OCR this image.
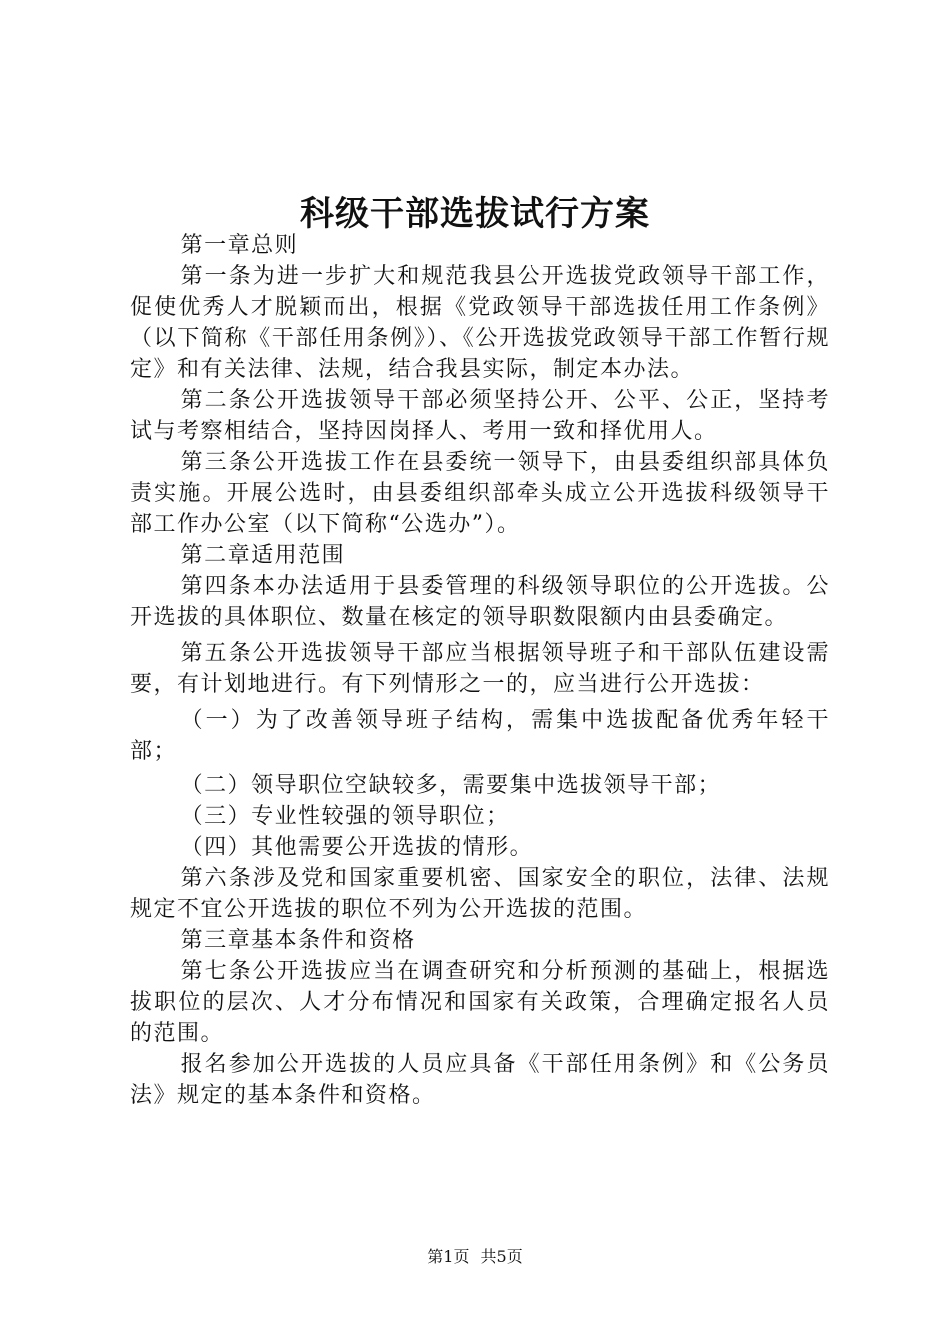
科级干部选拔试行方案

第一章总则

第一条为进一步扩大和规范我县公开选拔党政领导干部工作，促使优秀人才脱颖而出，根据《党政领导干部选拔任用工作条例》（以下简称《干部任用条例》）、《公开选拔党政领导干部工作暂行规定》和有关法律、法规，结合我县实际，制定本办法。

第二条公开选拔领导干部必须坚持公开、公平、公正，坚持考试与考察相结合，坚持因岗择人、考用一致和择优用人。

第三条公开选拔工作在县委统一领导下，由县委组织部具体负责实施。开展公选时，由县委组织部牵头成立公开选拔科级领导干部工作办公室（以下简称“公选办”）。

第二章适用范围

第四条本办法适用于县委管理的科级领导职位的公开选拔。公开选拔的具体职位、数量在核定的领导职数限额内由县委确定。

第五条公开选拔领导干部应当根据领导班子和干部队伍建设需要，有计划地进行。有下列情形之一的，应当进行公开选拔：

（一）为了改善领导班子结构，需集中选拔配备优秀年轻干部；

（二）领导职位空缺较多，需要集中选拔领导干部；

（三）专业性较强的领导职位；

（四）其他需要公开选拔的情形。

第六条涉及党和国家重要机密、国家安全的职位，法律、法规规定不宜公开选拔的职位不列为公开选拔的范围。

第三章基本条件和资格

第七条公开选拔应当在调查研究和分析预测的基础上，根据选拔职位的层次、人才分布情况和国家有关政策，合理确定报名人员的范围。

报名参加公开选拔的人员应具备《干部任用条例》和《公务员法》规定的基本条件和资格。

第1页 共5页
